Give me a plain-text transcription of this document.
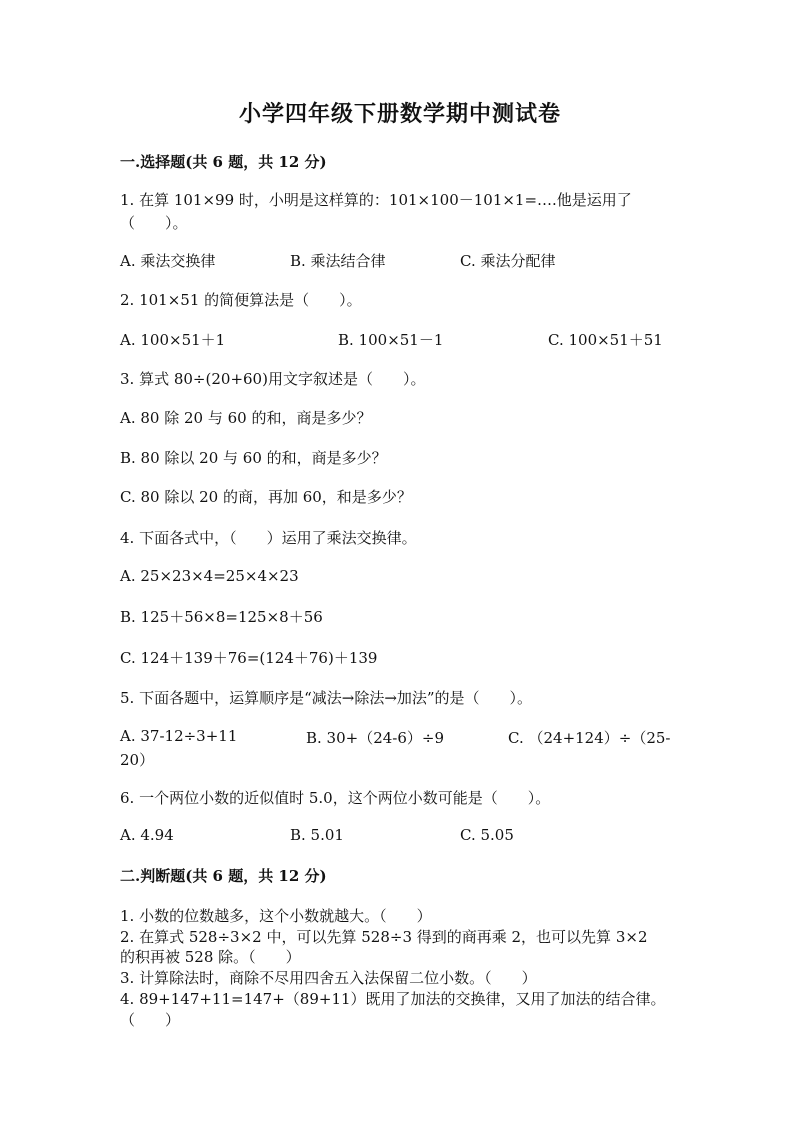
小学四年级下册数学期中测试卷
一.选择题(共 6 题，共 12 分)
1. 在算 101×99 时，小明是这样算的：101×100－101×1=….他是运用了
（　　）。
A. 乘法交换律	B. 乘法结合律	C. 乘法分配律
2. 101×51 的简便算法是（　　）。
A. 100×51＋1	B. 100×51－1	C. 100×51＋51
3. 算式 80÷(20+60)用文字叙述是（　　）。
A. 80 除 20 与 60 的和，商是多少？
B. 80 除以 20 与 60 的和，商是多少？
C. 80 除以 20 的商，再加 60，和是多少？
4. 下面各式中，（　　）运用了乘法交换律。
A. 25×23×4=25×4×23
B. 125＋56×8=125×8＋56
C. 124＋139＋76=(124＋76)＋139
5. 下面各题中，运算顺序是“减法→除法→加法”的是（　　）。
A. 37-12÷3+11	B. 30+（24-6）÷9	C. （24+124）÷（25-
20）
6. 一个两位小数的近似值时 5.0，这个两位小数可能是（　　）。
A. 4.94	B. 5.01	C. 5.05
二.判断题(共 6 题，共 12 分)
1. 小数的位数越多，这个小数就越大。（　　）
2. 在算式 528÷3×2 中，可以先算 528÷3 得到的商再乘 2，也可以先算 3×2
的积再被 528 除。（　　）
3. 计算除法时，商除不尽用四舍五入法保留二位小数。（　　）
4. 89+147+11=147+（89+11）既用了加法的交换律，又用了加法的结合律。
（　　）
